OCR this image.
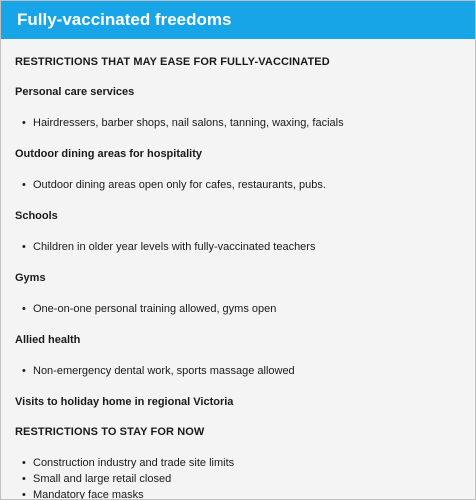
Fully-vaccinated freedoms
RESTRICTIONS THAT MAY EASE FOR FULLY-VACCINATED
Personal care services
• Hairdressers, barber shops, nail salons, tanning, waxing, facials
Outdoor dining areas for hospitality
• Outdoor dining areas open only for cafes, restaurants, pubs.
Schools
• Children in older year levels with fully-vaccinated teachers
Gyms
• One-on-one personal training allowed, gyms open
Allied health
• Non-emergency dental work, sports massage allowed
Visits to holiday home in regional Victoria
RESTRICTIONS TO STAY FOR NOW
• Construction industry and trade site limits
• Small and large retail closed
• Mandatory face masks
